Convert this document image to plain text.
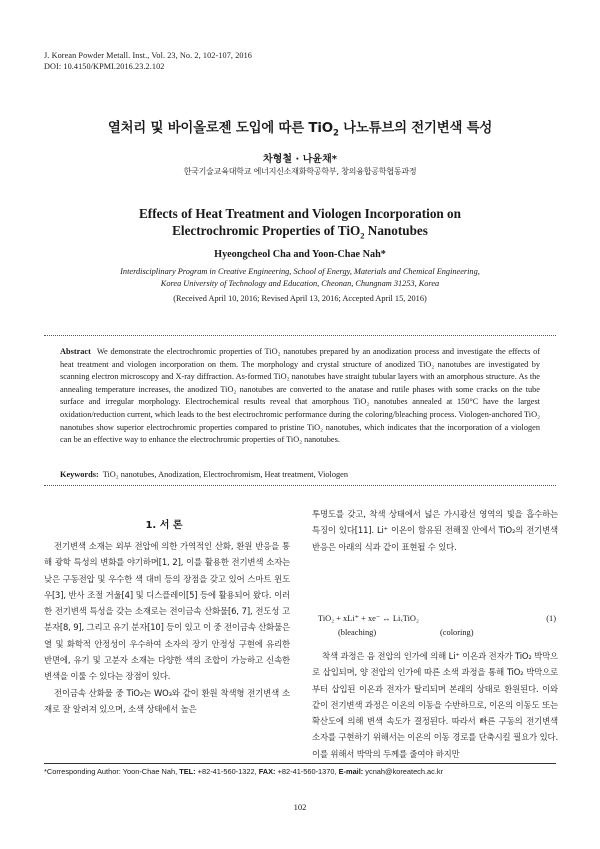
J. Korean Powder Metall. Inst., Vol. 23, No. 2, 102-107, 2016
DOI: 10.4150/KPMI.2016.23.2.102
열처리 및 바이올로젠 도입에 따른 TiO$_2$ 나노튜브의 전기변색 특성
차형철 · 나윤채*
한국기술교육대학교 에너지신소재화학공학부, 창의융합공학협동과정
Effects of Heat Treatment and Viologen Incorporation on
Electrochromic Properties of TiO$_2$ Nanotubes
Hyeongcheol Cha and Yoon-Chae Nah*
Interdisciplinary Program in Creative Engineering, School of Energy, Materials and Chemical Engineering,
Korea University of Technology and Education, Cheonan, Chungnam 31253, Korea
(Received April 10, 2016; Revised April 13, 2016; Accepted April 15, 2016)
Abstract We demonstrate the electrochromic properties of TiO₂ nanotubes prepared by an anodization process and investigate the effects of heat treatment and viologen incorporation on them. The morphology and crystal structure of anodized TiO₂ nanotubes are investigated by scanning electron microscopy and X-ray diffraction. As-formed TiO₂ nanotubes have straight tubular layers with an amorphous structure. As the annealing temperature increases, the anodized TiO₂ nanotubes are converted to the anatase and rutile phases with some cracks on the tube surface and irregular morphology. Electrochemical results reveal that amorphous TiO₂ nanotubes annealed at 150°C have the largest oxidation/reduction current, which leads to the best electrochromic performance during the coloring/bleaching process. Viologen-anchored TiO₂ nanotubes show superior electrochromic properties compared to pristine TiO₂ nanotubes, which indicates that the incorporation of a viologen can be an effective way to enhance the electrochromic properties of TiO₂ nanotubes.
Keywords: TiO₂ nanotubes, Anodization, Electrochromism, Heat treatment, Viologen
1. 서 론

전기변색 소재는 외부 전압에 의한 가역적인 산화, 환원 반응을 통해 광학 특성의 변화를 야기하며[1, 2], 이를 활용한 전기변색 소자는 낮은 구동전압 및 우수한 색 대비 등의 장점을 갖고 있어 스마트 윈도우[3], 반사 조절 거울[4] 및 디스플레이[5] 등에 활용되어 왔다. 이러한 전기변색 특성을 갖는 소재로는 전이금속 산화물[6, 7], 전도성 고분자[8, 9], 그리고 유기 분자[10] 등이 있고 이 중 전이금속 산화물은 열 및 화학적 안정성이 우수하여 소자의 장기 안정성 구현에 유리한 반면에, 유기 및 고분자 소재는 다양한 색의 조합이 가능하고 신속한 변색을 이룰 수 있다는 장점이 있다.

전이금속 산화물 중 TiO₂는 WO₃와 같이 환원 착색형 전기변색 소재로 잘 알려져 있으며, 소색 상태에서 높은

투명도를 갖고, 착색 상태에서 넓은 가시광선 영역의 빛을 흡수하는 특징이 있다[11]. Li⁺ 이온이 함유된 전해질 안에서 TiO₂의 전기변색 반응은 아래의 식과 같이 표현될 수 있다.

TiO₂ + xLi⁺ + xe⁻ ↔ LiₓTiO₂	(1)
(bleaching)	(coloring)

착색 과정은 음 전압의 인가에 의해 Li⁺ 이온과 전자가 TiO₂ 박막으로 삽입되며, 양 전압의 인가에 따른 소색 과정을 통해 TiO₂ 박막으로부터 삽입된 이온과 전자가 탈리되며 본래의 상태로 환원된다. 이와 같이 전기변색 과정은 이온의 이동을 수반하므로, 이온의 이동도 또는 확산도에 의해 변색 속도가 결정된다. 따라서 빠른 구동의 전기변색 소자를 구현하기 위해서는 이온의 이동 경로를 단축시킬 필요가 있다. 이를 위해서 박막의 두께를 줄여야 하지만

*Corresponding Author: Yoon-Chae Nah, TEL: +82-41-560-1322, FAX: +82-41-560-1370, E-mail: ycnah@koreatech.ac.kr
102
